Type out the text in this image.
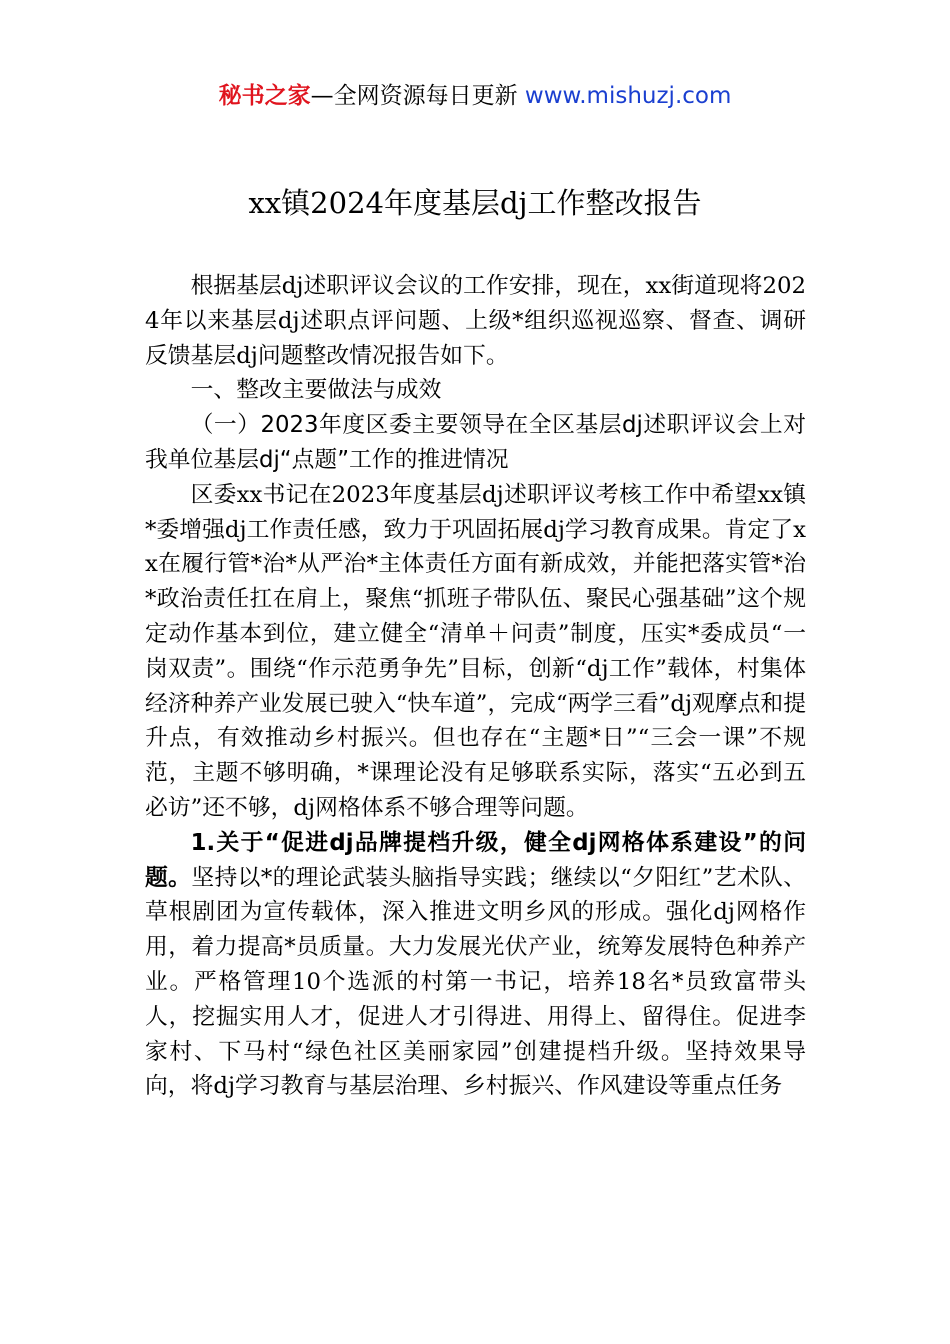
秘书之家—全网资源每日更新 www.mishuzj.com
xx镇2024年度基层dj工作整改报告

根据基层dj述职评议会议的工作安排，现在，xx街道现将2024年以来基层dj述职点评问题、上级*组织巡视巡察、督查、调研反馈基层dj问题整改情况报告如下。

一、整改主要做法与成效

（一）2023年度区委主要领导在全区基层dj述职评议会上对我单位基层dj“点题”工作的推进情况

区委xx书记在2023年度基层dj述职评议考核工作中希望xx镇*委增强dj工作责任感，致力于巩固拓展dj学习教育成果。肯定了xx在履行管*治*从严治*主体责任方面有新成效，并能把落实管*治*政治责任扛在肩上，聚焦“抓班子带队伍、聚民心强基础”这个规定动作基本到位，建立健全“清单＋问责”制度，压实*委成员“一岗双责”。围绕“作示范勇争先”目标，创新“dj工作”载体，村集体经济种养产业发展已驶入“快车道”，完成“两学三看”dj观摩点和提升点，有效推动乡村振兴。但也存在“主题*日”“三会一课”不规范，主题不够明确，*课理论没有足够联系实际，落实“五必到五必访”还不够，dj网格体系不够合理等问题。

1.关于“促进dj品牌提档升级，健全dj网格体系建设”的问题。坚持以*的理论武装头脑指导实践；继续以“夕阳红”艺术队、草根剧团为宣传载体，深入推进文明乡风的形成。强化dj网格作用，着力提高*员质量。大力发展光伏产业，统筹发展特色种养产业。严格管理10个选派的村第一书记，培养18名*员致富带头人，挖掘实用人才，促进人才引得进、用得上、留得住。促进李家村、下马村“绿色社区美丽家园”创建提档升级。坚持效果导向，将dj学习教育与基层治理、乡村振兴、作风建设等重点任务
